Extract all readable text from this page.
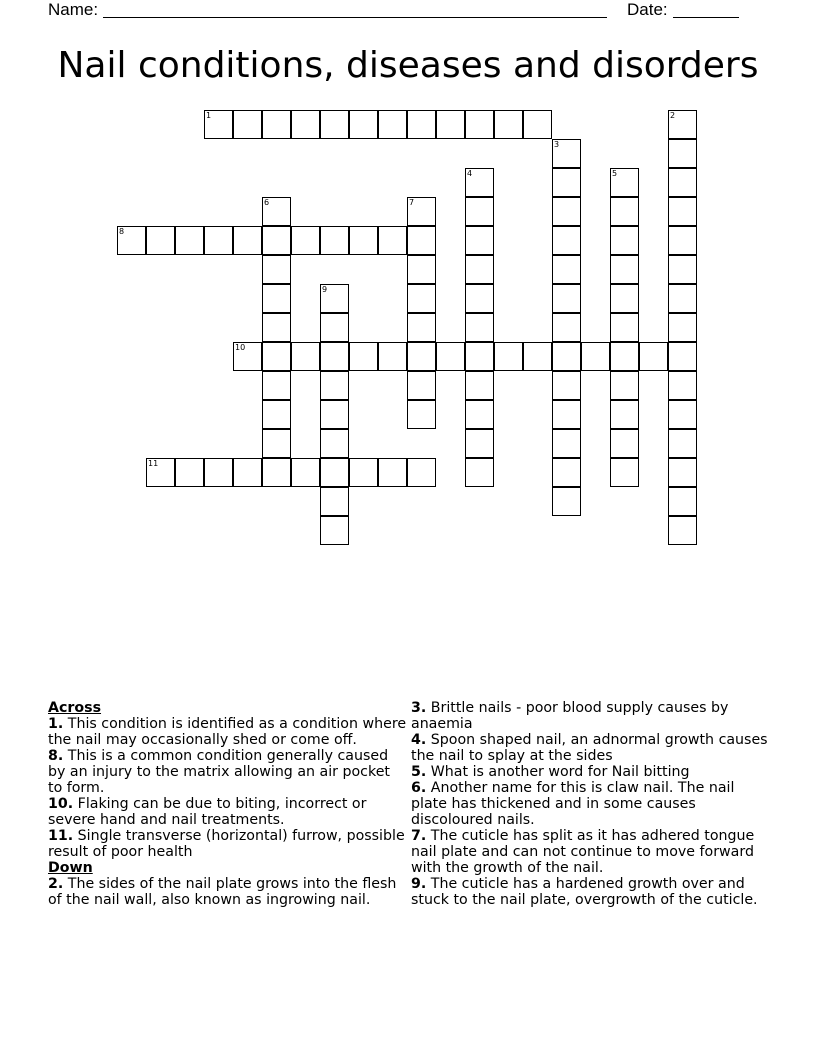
Name:	Date:
Nail conditions, diseases and disorders
1	2
3
4	5
6	7
8
9
10
11
Across
1. This condition is identified as a condition where the nail may occasionally shed or come off.
8. This is a common condition generally caused by an injury to the matrix allowing an air pocket to form.
10. Flaking can be due to biting, incorrect or severe hand and nail treatments.
11. Single transverse (horizontal) furrow, possible result of poor health
Down
2. The sides of the nail plate grows into the flesh of the nail wall, also known as ingrowing nail.
3. Brittle nails - poor blood supply causes by anaemia
4. Spoon shaped nail, an adnormal growth causes the nail to splay at the sides
5. What is another word for Nail bitting
6. Another name for this is claw nail. The nail plate has thickened and in some causes discoloured nails.
7. The cuticle has split as it has adhered tongue nail plate and can not continue to move forward with the growth of the nail.
9. The cuticle has a hardened growth over and stuck to the nail plate, overgrowth of the cuticle.
